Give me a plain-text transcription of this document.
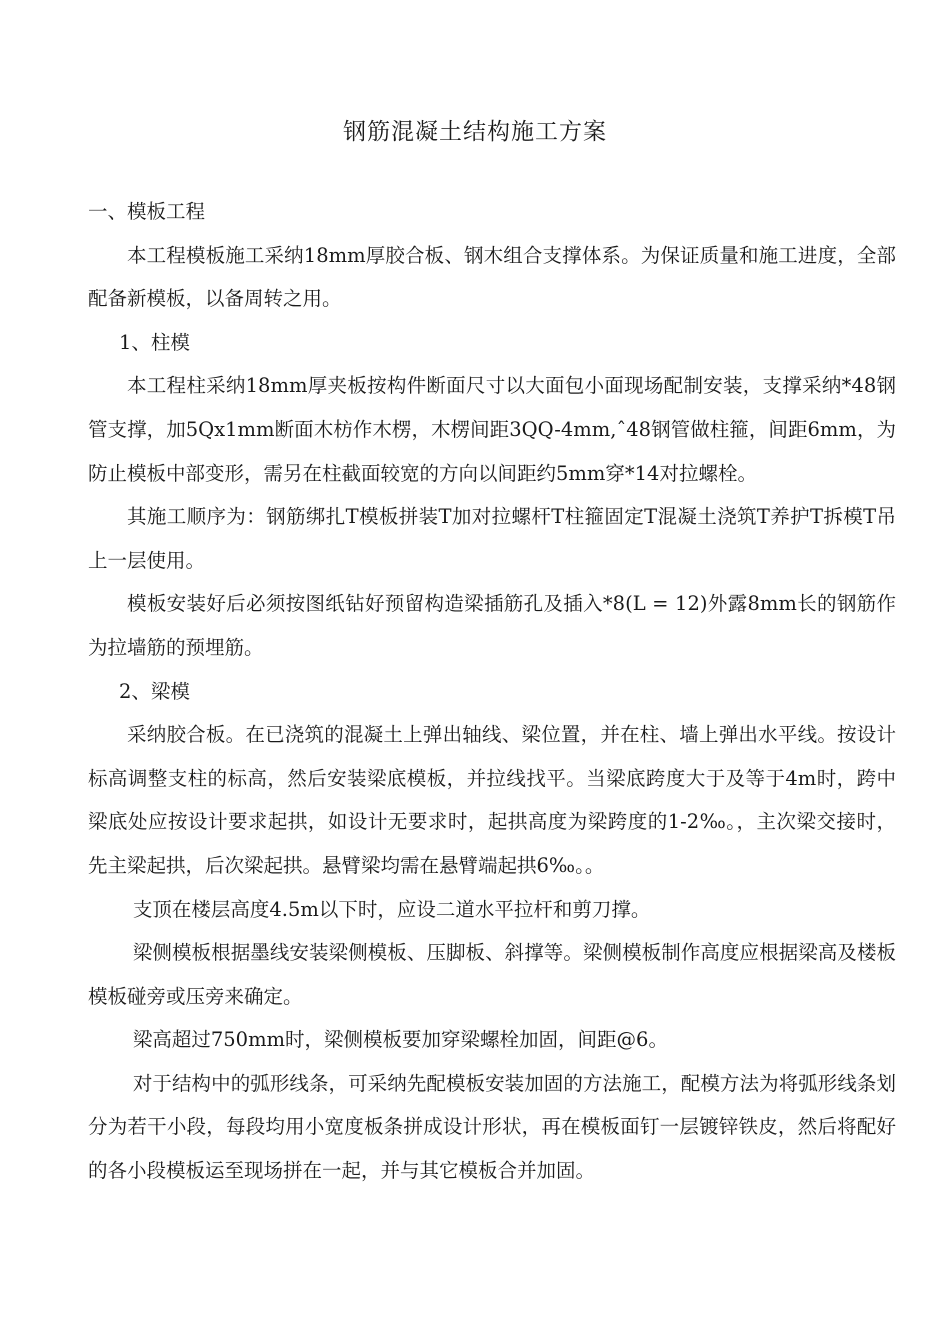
钢筋混凝土结构施工方案

一、模板工程

本工程模板施工采纳18mm厚胶合板、钢木组合支撑体系。为保证质量和施工进度，全部配备新模板，以备周转之用。

1、柱模

本工程柱采纳18mm厚夹板按构件断面尺寸以大面包小面现场配制安装，支撑采纳*48钢管支撑，加5Qx1mm断面木枋作木楞，木楞间距3QQ-4mm,ˆ48钢管做柱箍，间距6mm，为防止模板中部变形，需另在柱截面较宽的方向以间距约5mm穿*14对拉螺栓。

其施工顺序为：钢筋绑扎T模板拼装T加对拉螺杆T柱箍固定T混凝土浇筑T养护T拆模T吊上一层使用。

模板安装好后必须按图纸钻好预留构造梁插筋孔及插入*8(L = 12)外露8mm长的钢筋作为拉墙筋的预埋筋。

2、梁模

采纳胶合板。在已浇筑的混凝土上弹出轴线、梁位置，并在柱、墙上弹出水平线。按设计标高调整支柱的标高，然后安装梁底模板，并拉线找平。当梁底跨度大于及等于4m时，跨中梁底处应按设计要求起拱，如设计无要求时，起拱高度为梁跨度的1-2‰。，主次梁交接时，先主梁起拱，后次梁起拱。悬臂梁均需在悬臂端起拱6‰。。

支顶在楼层高度4.5m以下时，应设二道水平拉杆和剪刀撑。

梁侧模板根据墨线安装梁侧模板、压脚板、斜撑等。梁侧模板制作高度应根据梁高及楼板模板碰旁或压旁来确定。

梁高超过750mm时，梁侧模板要加穿梁螺栓加固，间距@6。

对于结构中的弧形线条，可采纳先配模板安装加固的方法施工，配模方法为将弧形线条划分为若干小段，每段均用小宽度板条拼成设计形状，再在模板面钉一层镀锌铁皮，然后将配好的各小段模板运至现场拼在一起，并与其它模板合并加固。
